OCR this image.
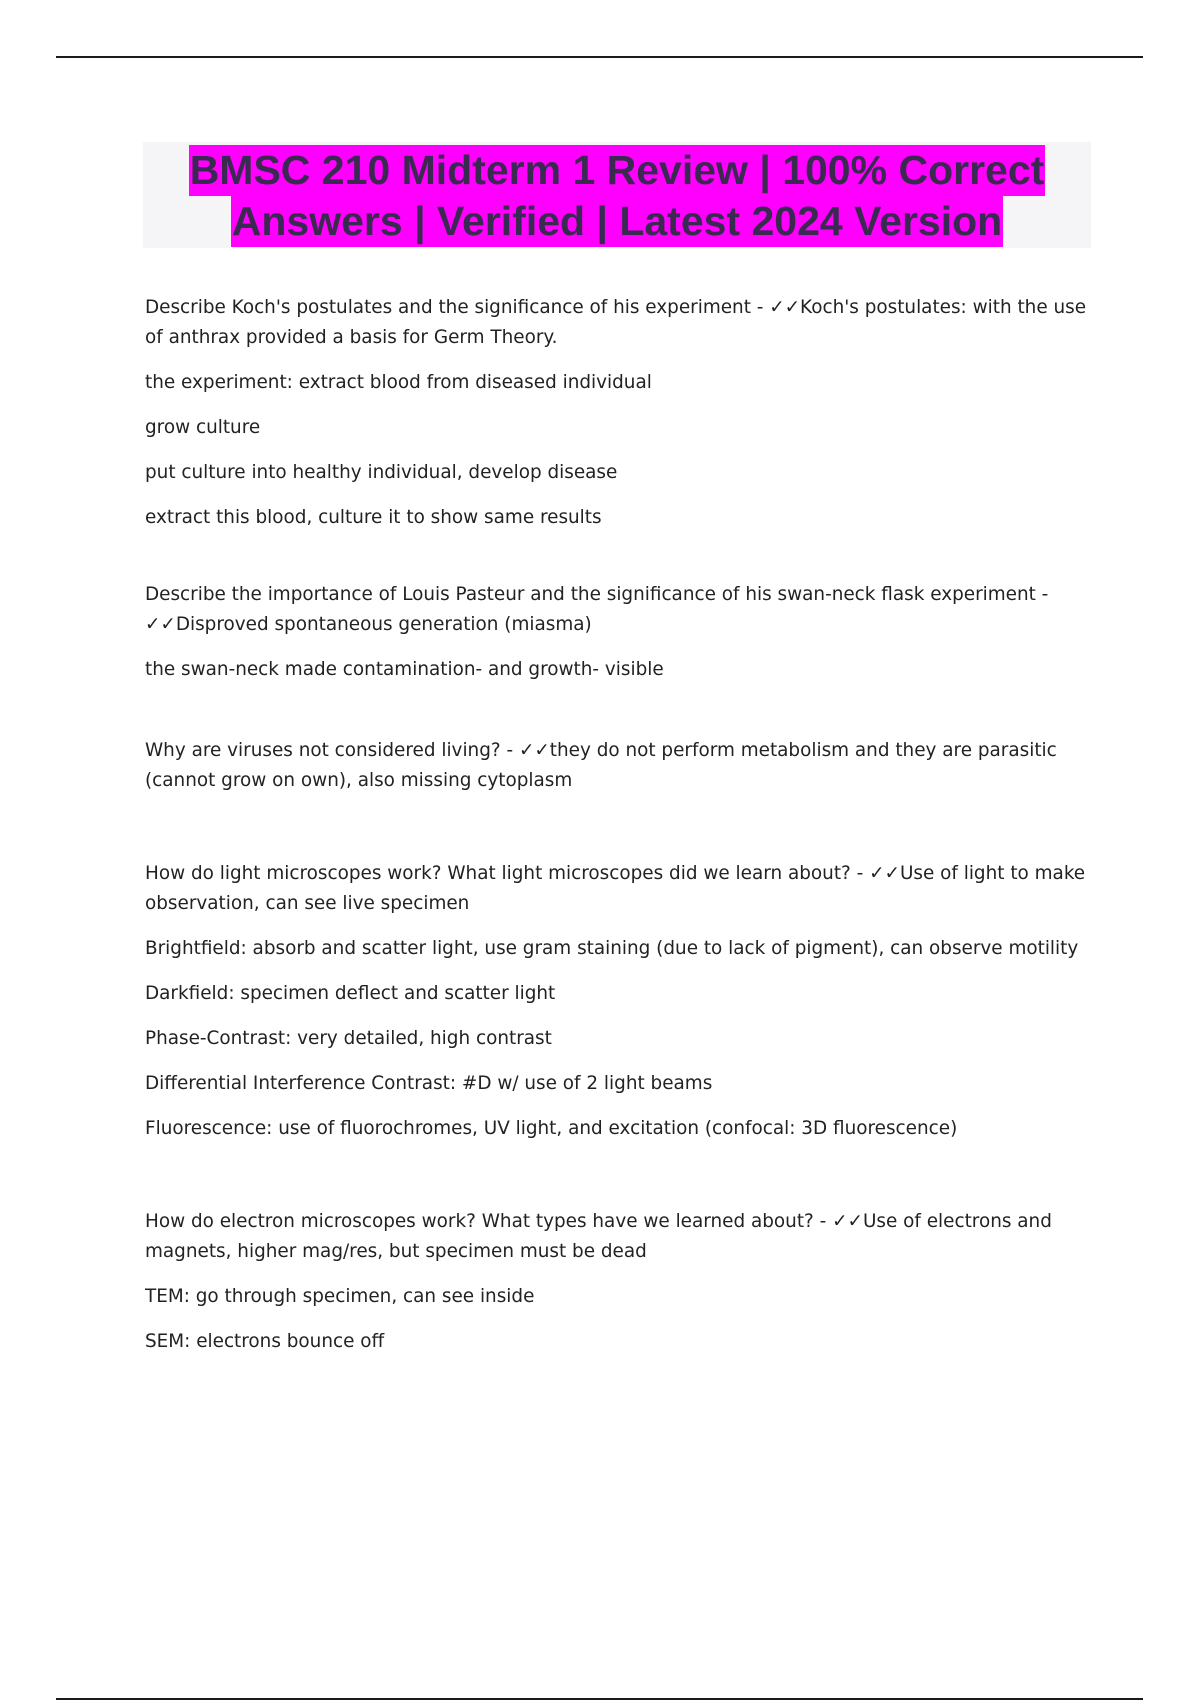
BMSC 210 Midterm 1 Review | 100% Correct
Answers | Verified | Latest 2024 Version

Describe Koch's postulates and the significance of his experiment - ✓✓Koch's postulates: with the use of anthrax provided a basis for Germ Theory.

the experiment: extract blood from diseased individual

grow culture

put culture into healthy individual, develop disease

extract this blood, culture it to show same results

Describe the importance of Louis Pasteur and the significance of his swan-neck flask experiment - ✓✓Disproved spontaneous generation (miasma)

the swan-neck made contamination- and growth- visible

Why are viruses not considered living? - ✓✓they do not perform metabolism and they are parasitic (cannot grow on own), also missing cytoplasm

How do light microscopes work? What light microscopes did we learn about? - ✓✓Use of light to make observation, can see live specimen

Brightfield: absorb and scatter light, use gram staining (due to lack of pigment), can observe motility

Darkfield: specimen deflect and scatter light

Phase-Contrast: very detailed, high contrast

Differential Interference Contrast: #D w/ use of 2 light beams

Fluorescence: use of fluorochromes, UV light, and excitation (confocal: 3D fluorescence)

How do electron microscopes work? What types have we learned about? - ✓✓Use of electrons and magnets, higher mag/res, but specimen must be dead

TEM: go through specimen, can see inside

SEM: electrons bounce off
